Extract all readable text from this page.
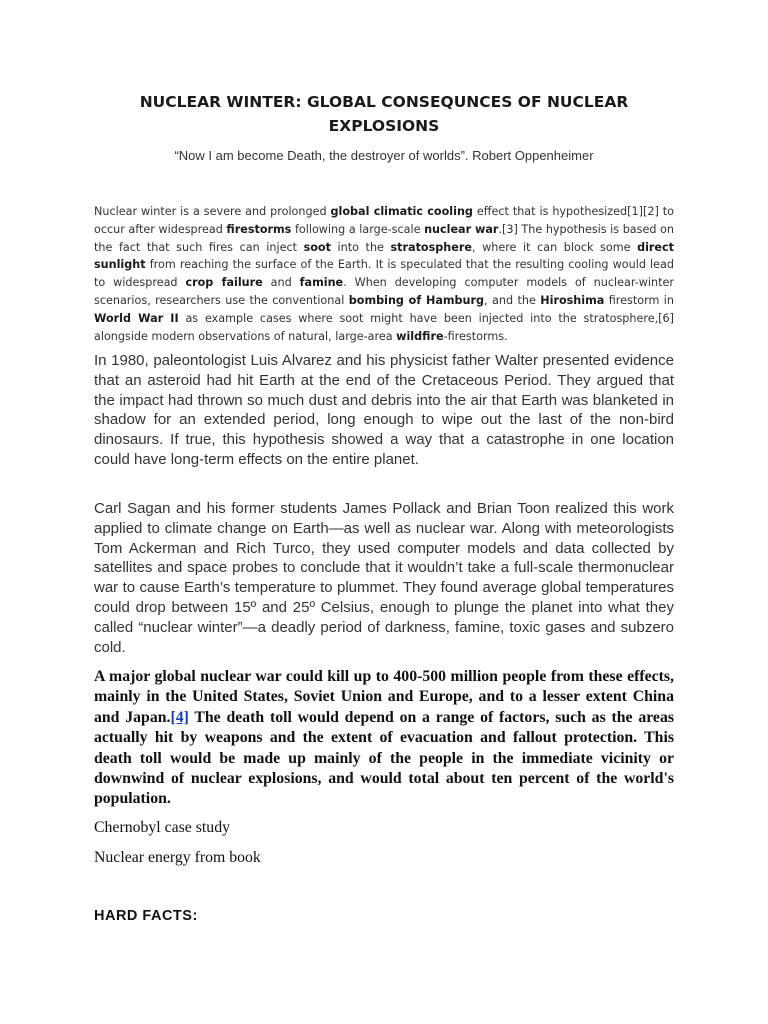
NUCLEAR WINTER: GLOBAL CONSEQUNCES OF NUCLEAR EXPLOSIONS

“Now I am become Death, the destroyer of worlds”. Robert Oppenheimer

Nuclear winter is a severe and prolonged global climatic cooling effect that is hypothesized[1][2] to occur after widespread firestorms following a large-scale nuclear war.[3] The hypothesis is based on the fact that such fires can inject soot into the stratosphere, where it can block some direct sunlight from reaching the surface of the Earth. It is speculated that the resulting cooling would lead to widespread crop failure and famine. When developing computer models of nuclear-winter scenarios, researchers use the conventional bombing of Hamburg, and the Hiroshima firestorm in World War II as example cases where soot might have been injected into the stratosphere,[6] alongside modern observations of natural, large-area wildfire-firestorms.

In 1980, paleontologist Luis Alvarez and his physicist father Walter presented evidence that an asteroid had hit Earth at the end of the Cretaceous Period. They argued that the impact had thrown so much dust and debris into the air that Earth was blanketed in shadow for an extended period, long enough to wipe out the last of the non-bird dinosaurs. If true, this hypothesis showed a way that a catastrophe in one location could have long-term effects on the entire planet.

Carl Sagan and his former students James Pollack and Brian Toon realized this work applied to climate change on Earth—as well as nuclear war. Along with meteorologists Tom Ackerman and Rich Turco, they used computer models and data collected by satellites and space probes to conclude that it wouldn’t take a full-scale thermonuclear war to cause Earth’s temperature to plummet. They found average global temperatures could drop between 15º and 25º Celsius, enough to plunge the planet into what they called “nuclear winter”—a deadly period of darkness, famine, toxic gases and subzero cold.

A major global nuclear war could kill up to 400-500 million people from these effects, mainly in the United States, Soviet Union and Europe, and to a lesser extent China and Japan.[4] The death toll would depend on a range of factors, such as the areas actually hit by weapons and the extent of evacuation and fallout protection. This death toll would be made up mainly of the people in the immediate vicinity or downwind of nuclear explosions, and would total about ten percent of the world's population.

Chernobyl case study

Nuclear energy from book

HARD FACTS:
